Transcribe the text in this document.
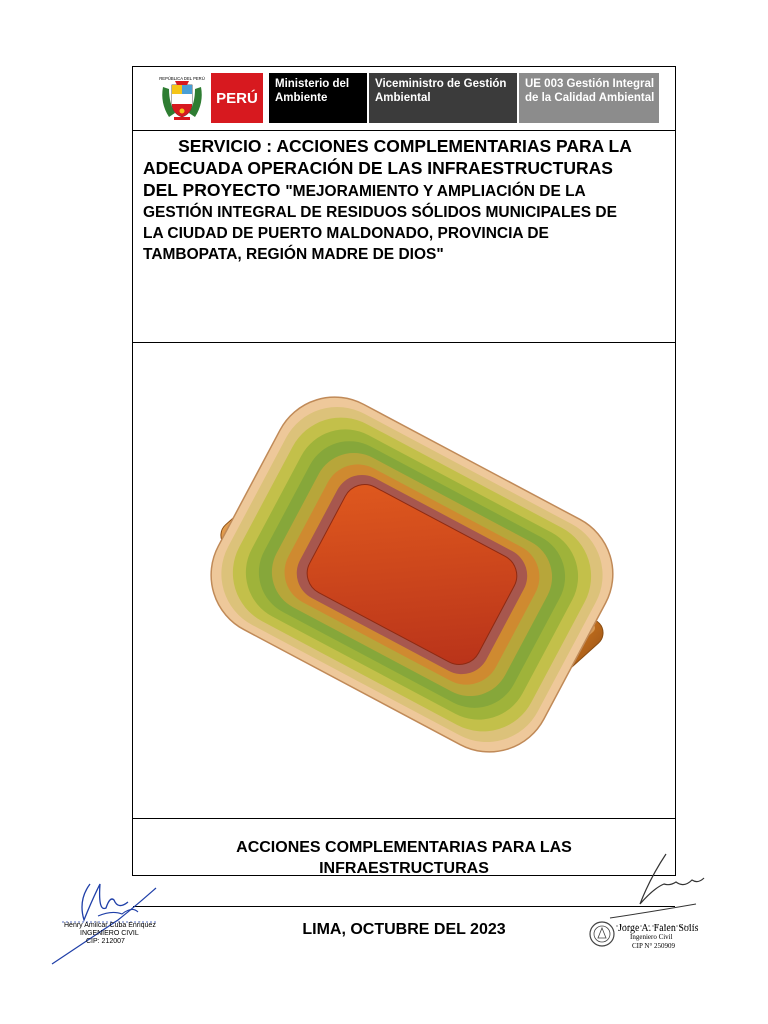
REPÚBLICA DEL PERÚ
PERÚ
Ministerio del
Ambiente
Viceministro de Gestión
Ambiental
UE 003 Gestión Integral
de la Calidad Ambiental
SERVICIO : ACCIONES COMPLEMENTARIAS PARA LA
ADECUADA OPERACIÓN DE LAS INFRAESTRUCTURAS
DEL PROYECTO "MEJORAMIENTO Y AMPLIACIÓN DE LA
GESTIÓN INTEGRAL DE RESIDUOS SÓLIDOS MUNICIPALES DE
LA CIUDAD DE PUERTO MALDONADO, PROVINCIA DE
TAMBOPATA, REGIÓN MADRE DE DIOS"
ACCIONES COMPLEMENTARIAS PARA LAS
INFRAESTRUCTURAS
LIMA, OCTUBRE DEL 2023
Henry Amilcar Cuba Enriquez
INGENIERO CIVIL
CIP: 212007
Jorge A. Falen Solís
Ingeniero Civil
CIP N° 250909
